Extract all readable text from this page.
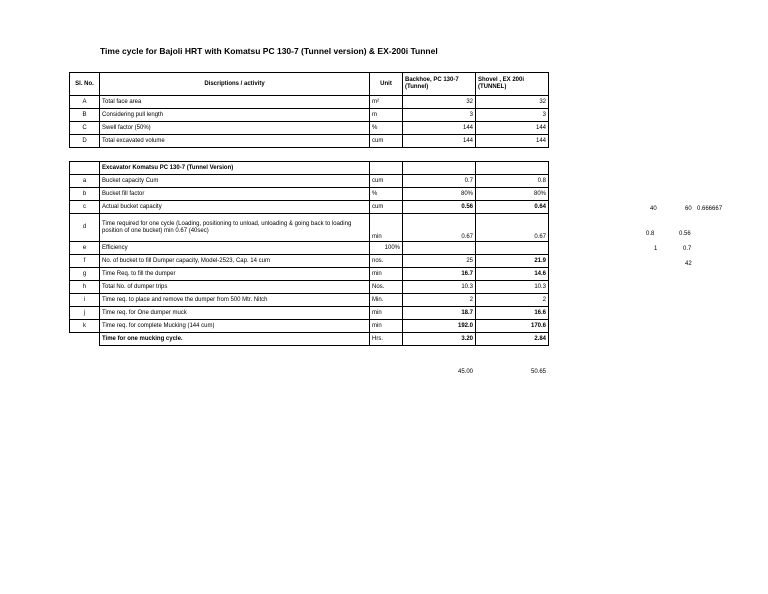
Time cycle for Bajoli HRT with Komatsu PC 130-7 (Tunnel version) & EX-200i Tunnel
Sl. No.	Discriptions / activity	Unit	Backhoe, PC 130-7 (Tunnel)	Shovel , EX 200i (TUNNEL)
A	Total face area	m²	32	32
B	Considering pull length	m	3	3
C	Swell factor (50%)	%	144	144
D	Total excavated volume	cum	144	144
	Excavator Komatsu PC 130-7 (Tunnel Version)			
a	Bucket capacity Cum	cum	0.7	0.8
b	Bucket fill factor	%	80%	80%
c	Actual bucket capacity	cum	0.56	0.64
d	Time required for one cycle (Loading, positioning to unload, unloading & going back to loading position of one bucket) min 0.67 (40sec)	min	0.67	0.67
e	Efficiency	100%		
f	No. of bucket to fill Dumper capacity, Model-2523, Cap. 14 cum	nos.	25	21.9
g	Time Req. to fill the dumper	min	16.7	14.6
h	Total No. of dumper trips	Nos.	10.3	10.3
i	Time req. to place and remove the dumper from 500 Mtr. Nitch	Min.	2	2
j	Time req. for One dumper muck	min	18.7	16.6
k	Time req. for complete Mucking (144 cum)	min	192.0	170.6
	Time for one mucking cycle.	Hrs.	3.20	2.84
40	60 0.666667
0.8	0.56
1	0.7
42
45.00	50.65
